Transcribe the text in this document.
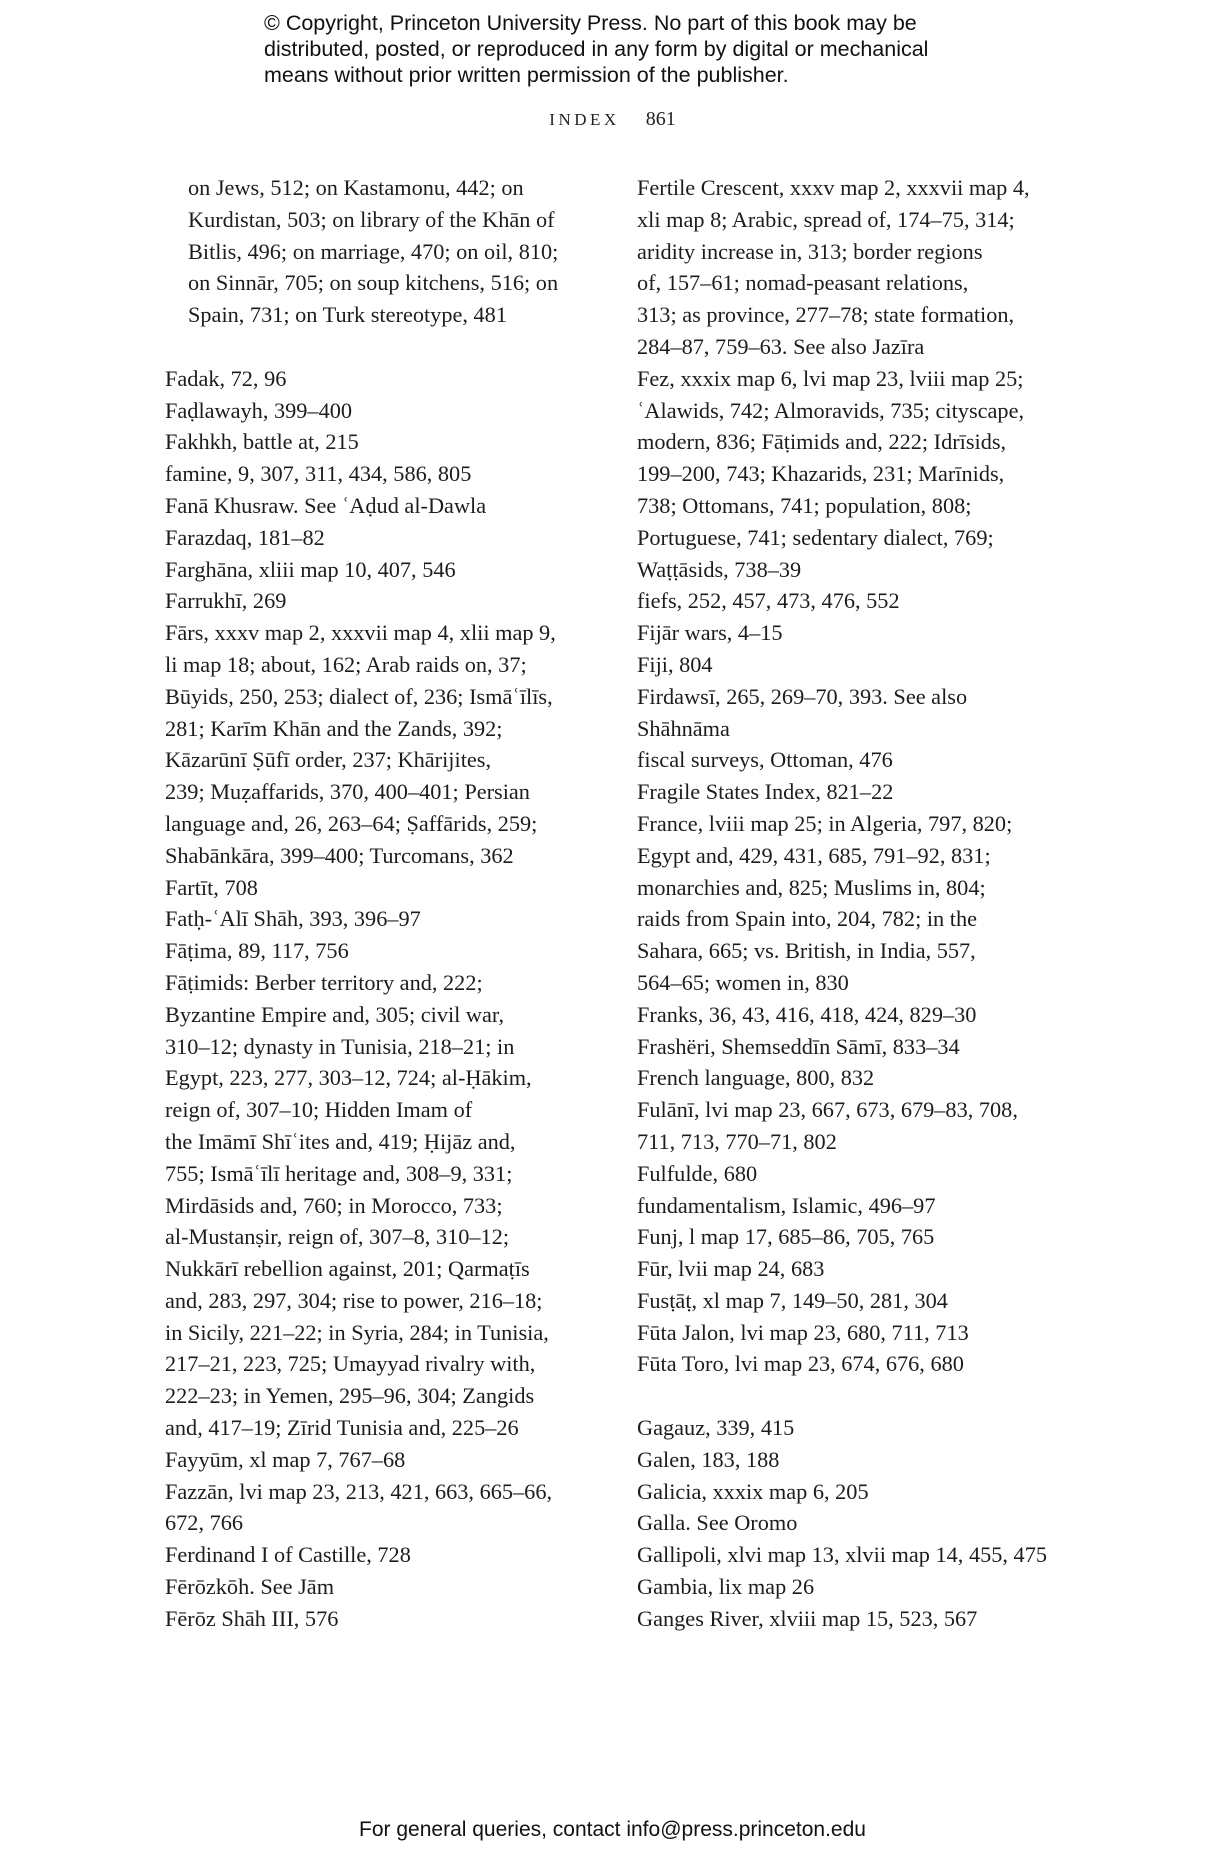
© Copyright, Princeton University Press. No part of this book may be
distributed, posted, or reproduced in any form by digital or mechanical
means without prior written permission of the publisher.
INDEX 861
on Jews, 512; on Kastamonu, 442; on
Kurdistan, 503; on library of the Khān of
Bitlis, 496; on marriage, 470; on oil, 810;
on Sinnār, 705; on soup kitchens, 516; on
Spain, 731; on Turk stereotype, 481
Fadak, 72, 96
Faḍlawayh, 399–400
Fakhkh, battle at, 215
famine, 9, 307, 311, 434, 586, 805
Fanā Khusraw. See ʿAḍud al-Dawla
Farazdaq, 181–82
Farghāna, xliii map 10, 407, 546
Farrukhī, 269
Fārs, xxxv map 2, xxxvii map 4, xlii map 9,
li map 18; about, 162; Arab raids on, 37;
Būyids, 250, 253; dialect of, 236; Ismāʿīlīs,
281; Karīm Khān and the Zands, 392;
Kāzarūnī Ṣūfī order, 237; Khārijites,
239; Muẓaffarids, 370, 400–401; Persian
language and, 26, 263–64; Ṣaffārids, 259;
Shabānkāra, 399–400; Turcomans, 362
Fartīt, 708
Fatḥ-ʿAlī Shāh, 393, 396–97
Fāṭima, 89, 117, 756
Fāṭimids: Berber territory and, 222;
Byzantine Empire and, 305; civil war,
310–12; dynasty in Tunisia, 218–21; in
Egypt, 223, 277, 303–12, 724; al-Ḥākim,
reign of, 307–10; Hidden Imam of
the Imāmī Shīʿites and, 419; Ḥijāz and,
755; Ismāʿīlī heritage and, 308–9, 331;
Mirdāsids and, 760; in Morocco, 733;
al-Mustanṣir, reign of, 307–8, 310–12;
Nukkārī rebellion against, 201; Qarmaṭīs
and, 283, 297, 304; rise to power, 216–18;
in Sicily, 221–22; in Syria, 284; in Tunisia,
217–21, 223, 725; Umayyad rivalry with,
222–23; in Yemen, 295–96, 304; Zangids
and, 417–19; Zīrid Tunisia and, 225–26
Fayyūm, xl map 7, 767–68
Fazzān, lvi map 23, 213, 421, 663, 665–66,
672, 766
Ferdinand I of Castille, 728
Fērōzkōh. See Jām
Fērōz Shāh III, 576
Fertile Crescent, xxxv map 2, xxxvii map 4,
xli map 8; Arabic, spread of, 174–75, 314;
aridity increase in, 313; border regions
of, 157–61; nomad-peasant relations,
313; as province, 277–78; state formation,
284–87, 759–63. See also Jazīra
Fez, xxxix map 6, lvi map 23, lviii map 25;
ʿAlawids, 742; Almoravids, 735; cityscape,
modern, 836; Fāṭimids and, 222; Idrīsids,
199–200, 743; Khazarids, 231; Marīnids,
738; Ottomans, 741; population, 808;
Portuguese, 741; sedentary dialect, 769;
Waṭṭāsids, 738–39
fiefs, 252, 457, 473, 476, 552
Fijār wars, 4–15
Fiji, 804
Firdawsī, 265, 269–70, 393. See also
Shāhnāma
fiscal surveys, Ottoman, 476
Fragile States Index, 821–22
France, lviii map 25; in Algeria, 797, 820;
Egypt and, 429, 431, 685, 791–92, 831;
monarchies and, 825; Muslims in, 804;
raids from Spain into, 204, 782; in the
Sahara, 665; vs. British, in India, 557,
564–65; women in, 830
Franks, 36, 43, 416, 418, 424, 829–30
Frashëri, Shemseddīn Sāmī, 833–34
French language, 800, 832
Fulānī, lvi map 23, 667, 673, 679–83, 708,
711, 713, 770–71, 802
Fulfulde, 680
fundamentalism, Islamic, 496–97
Funj, l map 17, 685–86, 705, 765
Fūr, lvii map 24, 683
Fusṭāṭ, xl map 7, 149–50, 281, 304
Fūta Jalon, lvi map 23, 680, 711, 713
Fūta Toro, lvi map 23, 674, 676, 680
Gagauz, 339, 415
Galen, 183, 188
Galicia, xxxix map 6, 205
Galla. See Oromo
Gallipoli, xlvi map 13, xlvii map 14, 455, 475
Gambia, lix map 26
Ganges River, xlviii map 15, 523, 567
For general queries, contact info@press.princeton.edu
